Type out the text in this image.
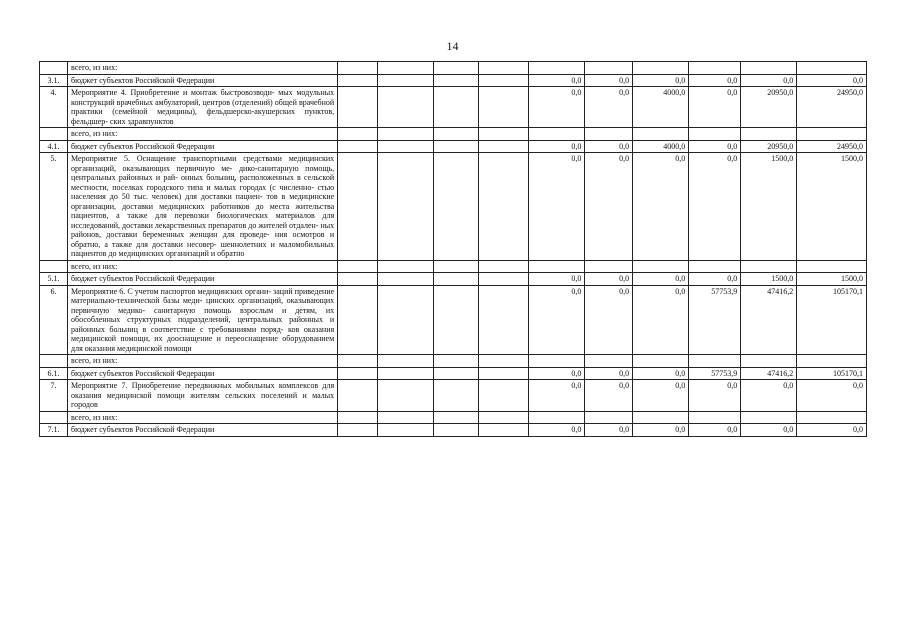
14
	всего, из них:										
3.1.	бюджет субъектов Российской Федерации					0,0	0,0	0,0	0,0	0,0	0,0
4.	Мероприятие 4. Приобретение и монтаж быстровозводи- мых модульных конструкций врачебных амбулаторий, центров (отделений) общей врачебной практики (семейной медицины), фельдшерско-акушерских пунктов, фельдшер- ских здравпунктов					0,0	0,0	4000,0	0,0	20950,0	24950,0
	всего, из них:										
4.1.	бюджет субъектов Российской Федерации					0,0	0,0	4000,0	0,0	20950,0	24950,0
5.	Мероприятие 5. Оснащение транспортными средствами медицинских организаций, оказывающих первичную ме- дико-санитарную помощь, центральных районных и рай- онных больниц, расположенных в сельской местности, поселках городского типа и малых городах (с численно- стью населения до 50 тыс. человек) для доставки пациен- тов в медицинские организации, доставки медицинских работников до места жительства пациентов, а также для перевозки биологических материалов для исследований, доставки лекарственных препаратов до жителей отдален- ных районов, доставки беременных женщин для проведе- ния осмотров и обратно, а также для доставки несовер- шеннолетних и маломобильных пациентов до медицинских организаций и обратно					0,0	0,0	0,0	0,0	1500,0	1500,0
	всего, из них:										
5.1.	бюджет субъектов Российской Федерации					0,0	0,0	0,0	0,0	1500,0	1500,0
6.	Мероприятие 6. С учетом паспортов медицинских органи- заций приведение материально-технической базы меди- цинских организаций, оказывающих первичную медико- санитарную помощь взрослым и детям, их обособленных структурных подразделений, центральных районных и районных больниц в соответствие с требованиями поряд- ков оказания медицинской помощи, их дооснащение и переоснащение оборудованием для оказания медицинской помощи					0,0	0,0	0,0	57753,9	47416,2	105170,1
	всего, из них:										
6.1.	бюджет субъектов Российской Федерации					0,0	0,0	0,0	57753,9	47416,2	105170,1
7.	Мероприятие 7. Приобретение передвижных мобильных комплексов для оказания медицинской помощи жителям сельских поселений и малых городов					0,0	0,0	0,0	0,0	0,0	0,0
	всего, из них:										
7.1.	бюджет субъектов Российской Федерации					0,0	0,0	0,0	0,0	0,0	0,0
